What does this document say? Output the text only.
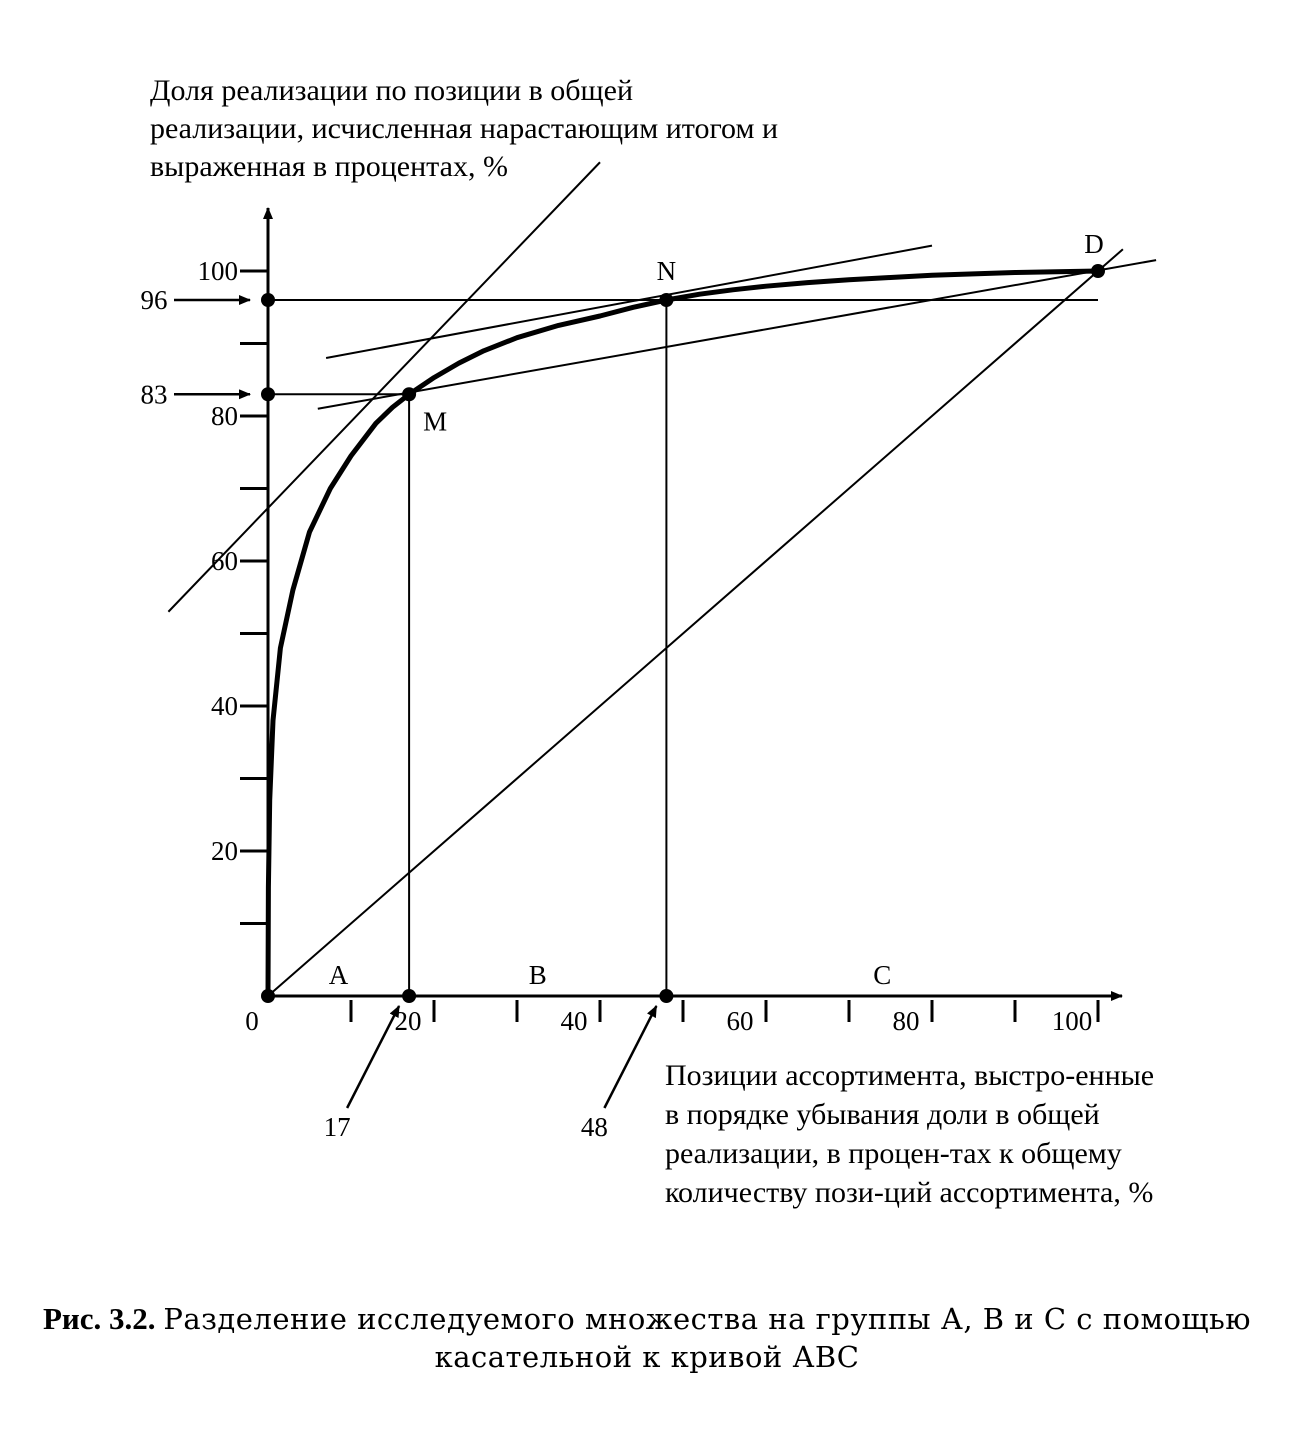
20
40
60
80
100
0	20	40	60	80	100
M
N
D
96
83
17	48
A	B	C
Доля реализации по позиции в общей реализации, исчисленная нарастающим итогом и выраженная в процентах, %
Позиции ассортимента, выстро-енные в порядке убывания доли в общей реализации, в процен-тах к общему количеству пози-ций ассортимента, %
Рис. 3.2. Разделение исследуемого множества на группы А, В и С с помощью касательной к кривой АВС
